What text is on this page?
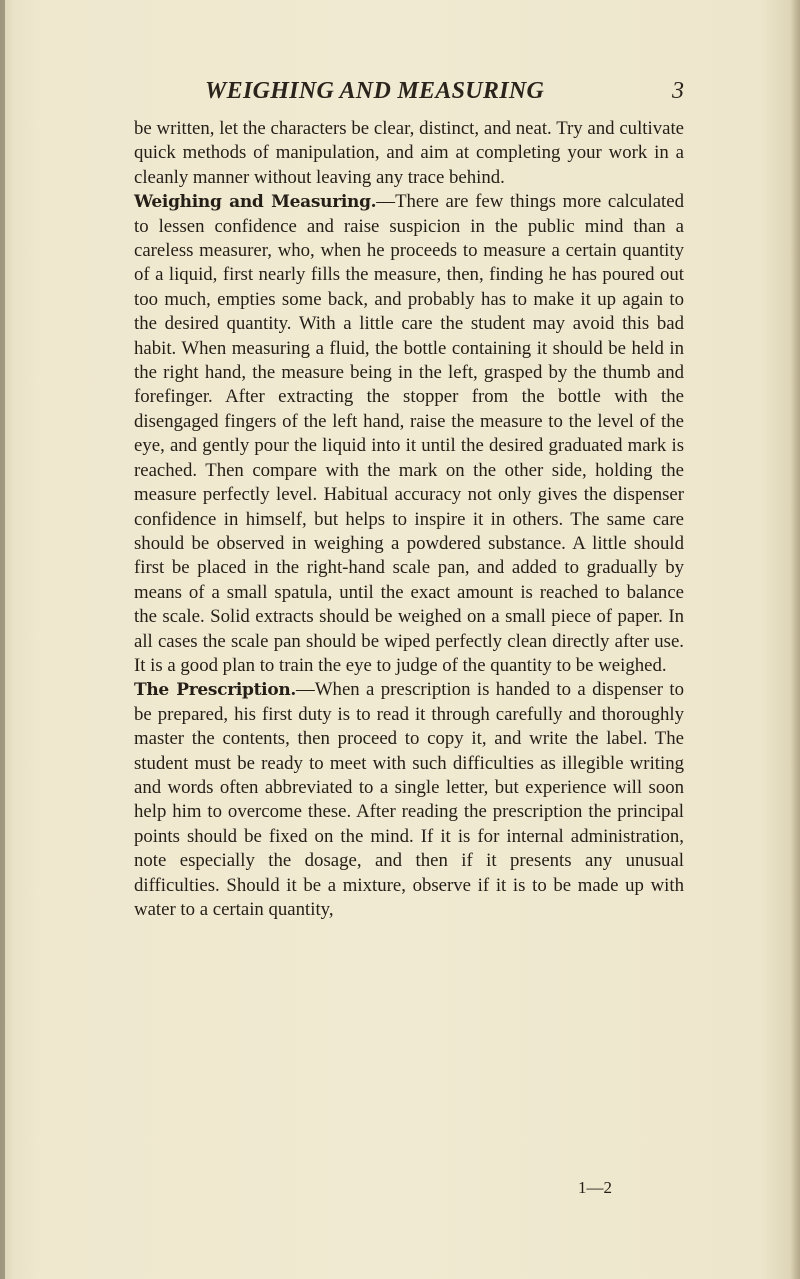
WEIGHING AND MEASURING	3

be written, let the characters be clear, distinct, and neat. Try and cultivate quick methods of manipulation, and aim at completing your work in a cleanly manner without leaving any trace behind.

Weighing and Measuring.—There are few things more calculated to lessen confidence and raise suspicion in the public mind than a careless measurer, who, when he proceeds to measure a certain quantity of a liquid, first nearly fills the measure, then, finding he has poured out too much, empties some back, and probably has to make it up again to the desired quantity. With a little care the student may avoid this bad habit. When measuring a fluid, the bottle containing it should be held in the right hand, the measure being in the left, grasped by the thumb and forefinger. After extracting the stopper from the bottle with the disengaged fingers of the left hand, raise the measure to the level of the eye, and gently pour the liquid into it until the desired graduated mark is reached. Then compare with the mark on the other side, holding the measure perfectly level. Habitual accuracy not only gives the dispenser confidence in himself, but helps to inspire it in others. The same care should be observed in weighing a powdered substance. A little should first be placed in the right-hand scale pan, and added to gradually by means of a small spatula, until the exact amount is reached to balance the scale. Solid extracts should be weighed on a small piece of paper. In all cases the scale pan should be wiped perfectly clean directly after use. It is a good plan to train the eye to judge of the quantity to be weighed.

The Prescription.—When a prescription is handed to a dispenser to be prepared, his first duty is to read it through carefully and thoroughly master the contents, then proceed to copy it, and write the label. The student must be ready to meet with such difficulties as illegible writing and words often abbreviated to a single letter, but experience will soon help him to overcome these. After reading the prescription the principal points should be fixed on the mind. If it is for internal administration, note especially the dosage, and then if it presents any unusual difficulties. Should it be a mixture, observe if it is to be made up with water to a certain quantity,

1—2
